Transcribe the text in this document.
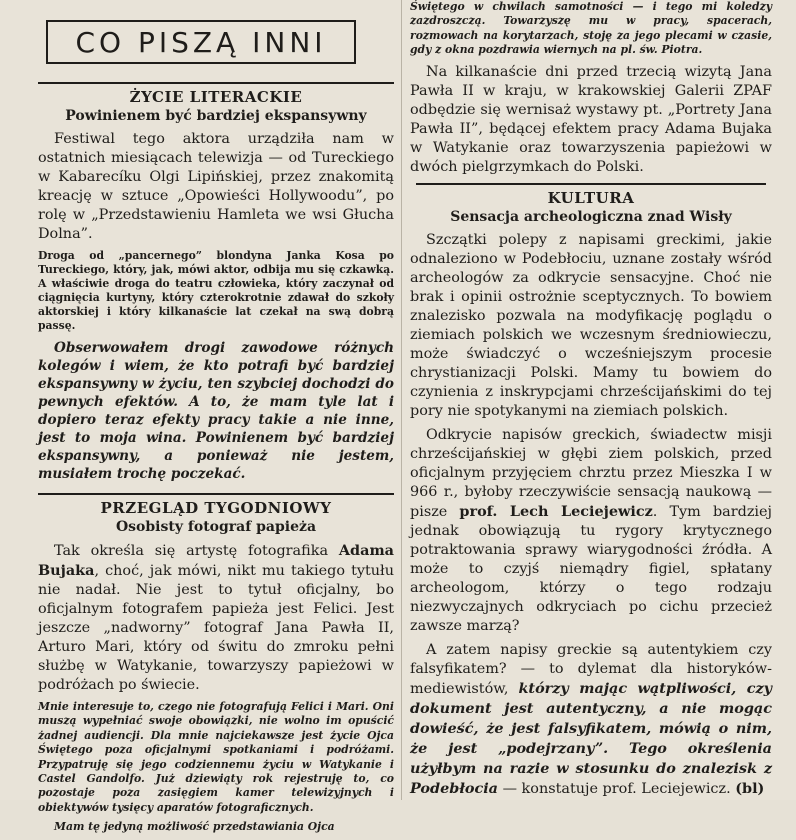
CO PISZĄ INNI
ŻYCIE LITERACKIE
Powinienem być bardziej ekspansywny

Festiwal tego aktora urządziła nam w ostatnich miesiącach telewizja — od Tureckiego w Kabarecíku Olgi Lipińskiej, przez znakomitą kreację w sztuce „Opowieści Hollywoodu”, po rolę w „Przedstawieniu Hamleta we wsi Głucha Dolna”.

Droga od „pancernego” blondyna Janka Kosa po Tureckiego, który, jak, mówi aktor, odbija mu się czkawką. A właściwie droga do teatru człowieka, który zaczynał od ciągnięcia kurtyny, który czterokrotnie zdawał do szkoły aktorskiej i który kilkanaście lat czekał na swą dobrą passę.

Obserwowałem drogi zawodowe różnych kolegów i wiem, że kto potrafi być bardziej ekspansywny w życiu, ten szybciej dochodzi do pewnych efektów. A to, że mam tyle lat i dopiero teraz efekty pracy takie a nie inne, jest to moja wina. Powinienem być bardziej ekspansywny, a ponieważ nie jestem, musiałem trochę poczekać.

PRZEGLĄD TYGODNIOWY
Osobisty fotograf papieża

Tak określa się artystę fotografika Adama Bujaka, choć, jak mówi, nikt mu takiego tytułu nie nadał. Nie jest to tytuł oficjalny, bo oficjalnym fotografem papieża jest Felici. Jest jeszcze „nadworny” fotograf Jana Pawła II, Arturo Mari, który od świtu do zmroku pełni służbę w Watykanie, towarzyszy papieżowi w podróżach po świecie.

Mnie interesuje to, czego nie fotografują Felici i Mari. Oni muszą wypełniać swoje obowiązki, nie wolno im opuścić żadnej audiencji. Dla mnie najciekawsze jest życie Ojca Świętego poza oficjalnymi spotkaniami i podróżami. Przypatruję się jego codziennemu życiu w Watykanie i Castel Gandolfo. Już dziewiąty rok rejestruję to, co pozostaje poza zasięgiem kamer telewizyjnych i obiektywów tysięcy aparatów fotograficznych.

Mam tę jedyną możliwość przedstawiania Ojca

Świętego w chwilach samotności — i tego mi koledzy zazdroszczą. Towarzyszę mu w pracy, spacerach, rozmowach na korytarzach, stoję za jego plecami w czasie, gdy z okna pozdrawia wiernych na pl. św. Piotra.

Na kilkanaście dni przed trzecią wizytą Jana Pawła II w kraju, w krakowskiej Galerii ZPAF odbędzie się wernisaż wystawy pt. „Portrety Jana Pawła II”, będącej efektem pracy Adama Bujaka w Watykanie oraz towarzyszenia papieżowi w dwóch pielgrzymkach do Polski.

KULTURA
Sensacja archeologiczna znad Wisły

Szczątki polepy z napisami greckimi, jakie odnaleziono w Podebłociu, uznane zostały wśród archeologów za odkrycie sensacyjne. Choć nie brak i opinii ostrożnie sceptycznych. To bowiem znalezisko pozwala na modyfikację poglądu o ziemiach polskich we wczesnym średniowieczu, może świadczyć o wcześniejszym procesie chrystianizacji Polski. Mamy tu bowiem do czynienia z inskrypcjami chrześcijańskimi do tej pory nie spotykanymi na ziemiach polskich.

Odkrycie napisów greckich, świadectw misji chrześcijańskiej w głębi ziem polskich, przed oficjalnym przyjęciem chrztu przez Mieszka I w 966 r., byłoby rzeczywiście sensacją naukową — pisze prof. Lech Leciejewicz. Tym bardziej jednak obowiązują tu rygory krytycznego potraktowania sprawy wiarygodności źródła. A może to czyjś niemądry figiel, spłatany archeologom, którzy o tego rodzaju niezwyczajnych odkryciach po cichu przecież zawsze marzą?

A zatem napisy greckie są autentykiem czy falsyfikatem? — to dylemat dla historyków-mediewistów, którzy mając wątpliwości, czy dokument jest autentyczny, a nie mogąc dowieść, że jest falsyfikatem, mówią o nim, że jest „podejrzany”. Tego określenia użyłbym na razie w stosunku do znalezisk z Podebłocia — konstatuje prof. Leciejewicz. (bl)
